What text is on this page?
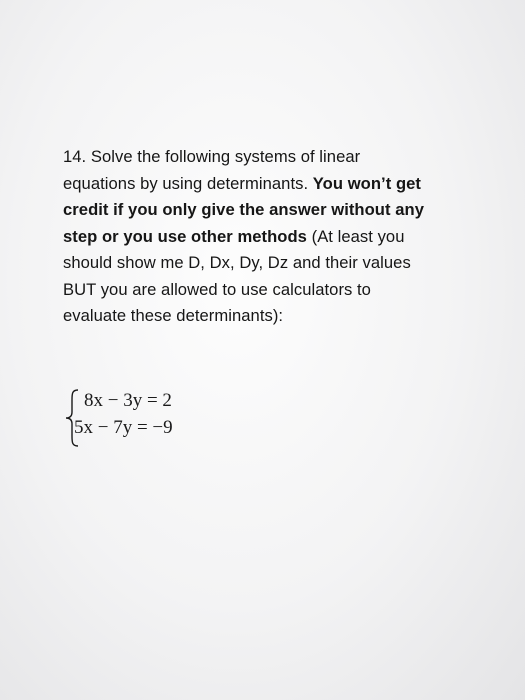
14. Solve the following systems of linear
equations by using determinants. You won’t get
credit if you only give the answer without any
step or you use other methods (At least you
should show me D, Dx, Dy, Dz and their values
BUT you are allowed to use calculators to
evaluate these determinants):
8x − 3y = 2
5x − 7y = −9
